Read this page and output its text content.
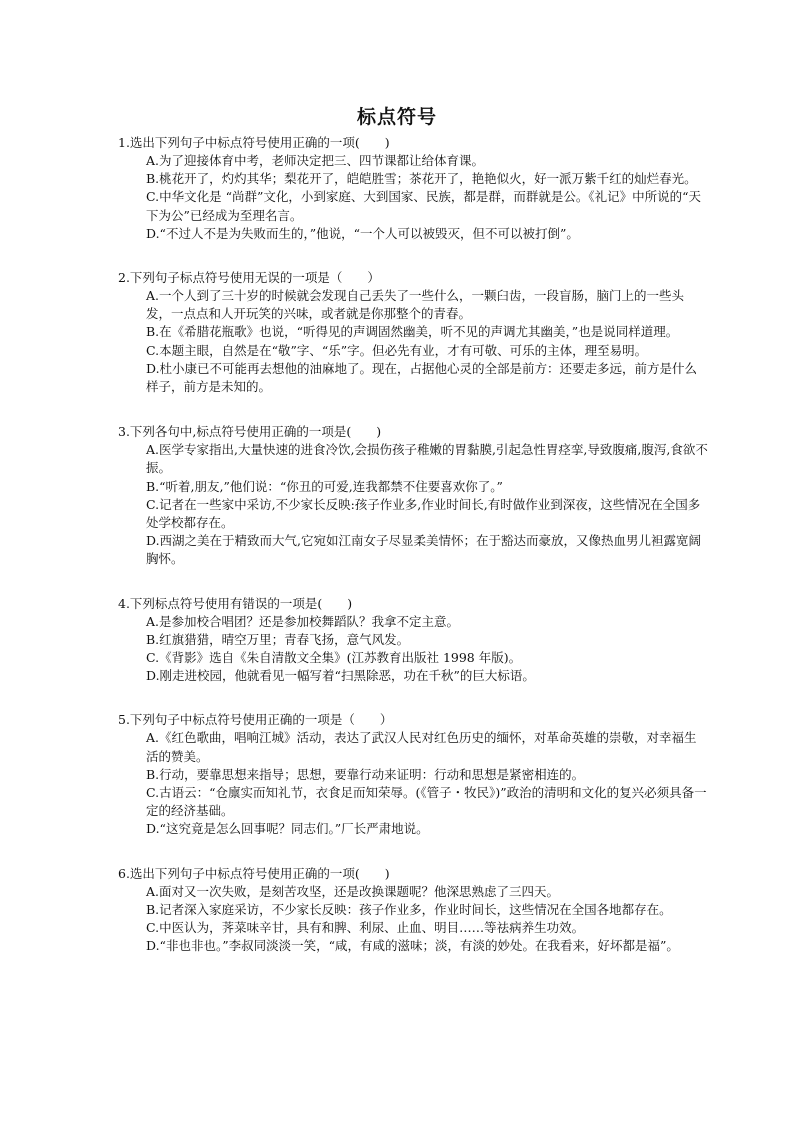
标点符号
1.选出下列句子中标点符号使用正确的一项(　　)
A.为了迎接体育中考，老师决定把三、四节课都让给体育课。
B.桃花开了，灼灼其华；梨花开了，皑皑胜雪；茶花开了，艳艳似火，好一派万紫千红的灿烂春光。
C.中华文化是 “尚群”文化，小到家庭、大到国家、民族，都是群，而群就是公。《礼记》中所说的“天下为公”已经成为至理名言。
D.“不过人不是为失败而生的，”他说，“一个人可以被毁灭，但不可以被打倒”。
2.下列句子标点符号使用无误的一项是（　　）
A.一个人到了三十岁的时候就会发现自己丢失了一些什么，一颗臼齿，一段盲肠，脑门上的一些头发，一点点和人开玩笑的兴味，或者就是你那整个的青春。
B.在《希腊花瓶歌》也说，“听得见的声调固然幽美，听不见的声调尤其幽美，”也是说同样道理。
C.本题主眼，自然是在“敬”字、“乐”字。但必先有业，才有可敬、可乐的主体，理至易明。
D.杜小康已不可能再去想他的油麻地了。现在，占据他心灵的全部是前方：还要走多远，前方是什么样子，前方是未知的。
3.下列各句中,标点符号使用正确的一项是(　　)
A.医学专家指出,大量快速的进食冷饮,会损伤孩子稚嫩的胃黏膜,引起急性胃痉挛,导致腹痛,腹泻,食欲不振。
B.“听着,朋友,”他们说：“你丑的可爱,连我都禁不住要喜欢你了。”
C.记者在一些家中采访,不少家长反映:孩子作业多,作业时间长,有时做作业到深夜，这些情况在全国多处学校都存在。
D.西湖之美在于精致而大气,它宛如江南女子尽显柔美情怀；在于豁达而豪放，又像热血男儿袒露宽阔胸怀。
4.下列标点符号使用有错误的一项是(　　)
A.是参加校合唱团？还是参加校舞蹈队？我拿不定主意。
B.红旗猎猎，晴空万里；青春飞扬，意气风发。
C.《背影》选自《朱自清散文全集》(江苏教育出版社 1998 年版)。
D.刚走进校园，他就看见一幅写着“扫黑除恶，功在千秋”的巨大标语。
5.下列句子中标点符号使用正确的一项是（　　）
A.《红色歌曲，唱响江城》活动，表达了武汉人民对红色历史的缅怀，对革命英雄的崇敬，对幸福生活的赞美。
B.行动，要靠思想来指导；思想，要靠行动来证明：行动和思想是紧密相连的。
C.古语云：“仓廪实而知礼节，衣食足而知荣辱。(《管子・牧民》)”政治的清明和文化的复兴必须具备一定的经济基础。
D.“这究竟是怎么回事呢？同志们。”厂长严肃地说。
6.选出下列句子中标点符号使用正确的一项(　　)
A.面对又一次失败，是刻苦攻坚，还是改换课题呢？他深思熟虑了三四天。
B.记者深入家庭采访，不少家长反映：孩子作业多，作业时间长，这些情况在全国各地都存在。
C.中医认为，荠菜味辛甘，具有和脾、利尿、止血、明目……等祛病养生功效。
D.“非也非也。”李叔同淡淡一笑，“咸，有咸的滋味；淡，有淡的妙处。在我看来，好坏都是福”。
